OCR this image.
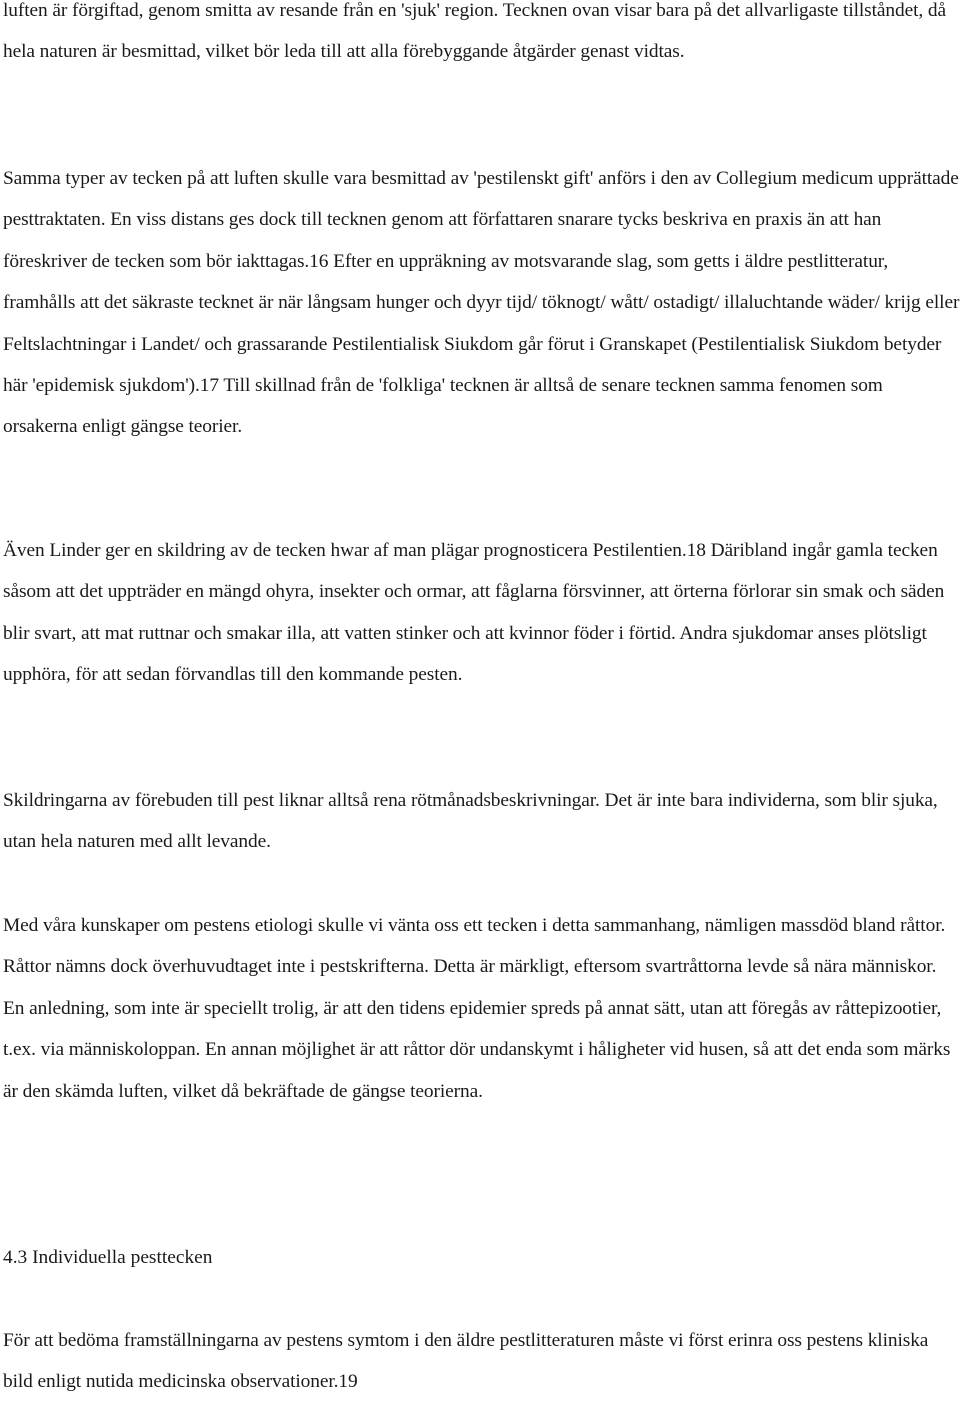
luften är förgiftad, genom smitta av resande från en 'sjuk' region. Tecknen ovan visar bara på det allvarligaste tillståndet, då hela naturen är besmittad, vilket bör leda till att alla förebyggande åtgärder genast vidtas.

Samma typer av tecken på att luften skulle vara besmittad av 'pestilenskt gift' anförs i den av Collegium medicum upprättade pesttraktaten. En viss distans ges dock till tecknen genom att författaren snarare tycks beskriva en praxis än att han föreskriver de tecken som bör iakttagas.16 Efter en uppräkning av motsvarande slag, som getts i äldre pestlitteratur, framhålls att det säkraste tecknet är när långsam hunger och dyyr tijd/ töknogt/ wått/ ostadigt/ illaluchtande wäder/ krijg eller Feltslachtningar i Landet/ och grassarande Pestilentialisk Siukdom går förut i Granskapet (Pestilentialisk Siukdom betyder här 'epidemisk sjukdom').17 Till skillnad från de 'folkliga' tecknen är alltså de senare tecknen samma fenomen som orsakerna enligt gängse teorier.

Även Linder ger en skildring av de tecken hwar af man plägar prognosticera Pestilentien.18 Däribland ingår gamla tecken såsom att det uppträder en mängd ohyra, insekter och ormar, att fåglarna försvinner, att örterna förlorar sin smak och säden blir svart, att mat ruttnar och smakar illa, att vatten stinker och att kvinnor föder i förtid. Andra sjukdomar anses plötsligt upphöra, för att sedan förvandlas till den kommande pesten.

Skildringarna av förebuden till pest liknar alltså rena rötmånadsbeskrivningar. Det är inte bara individerna, som blir sjuka, utan hela naturen med allt levande.

Med våra kunskaper om pestens etiologi skulle vi vänta oss ett tecken i detta sammanhang, nämligen massdöd bland råttor. Råttor nämns dock överhuvudtaget inte i pestskrifterna. Detta är märkligt, eftersom svartråttorna levde så nära människor. En anledning, som inte är speciellt trolig, är att den tidens epidemier spreds på annat sätt, utan att föregås av råttepizootier, t.ex. via människoloppan. En annan möjlighet är att råttor dör undanskymt i håligheter vid husen, så att det enda som märks är den skämda luften, vilket då bekräftade de gängse teorierna.

4.3 Individuella pesttecken

För att bedöma framställningarna av pestens symtom i den äldre pestlitteraturen måste vi först erinra oss pestens kliniska bild enligt nutida medicinska observationer.19
